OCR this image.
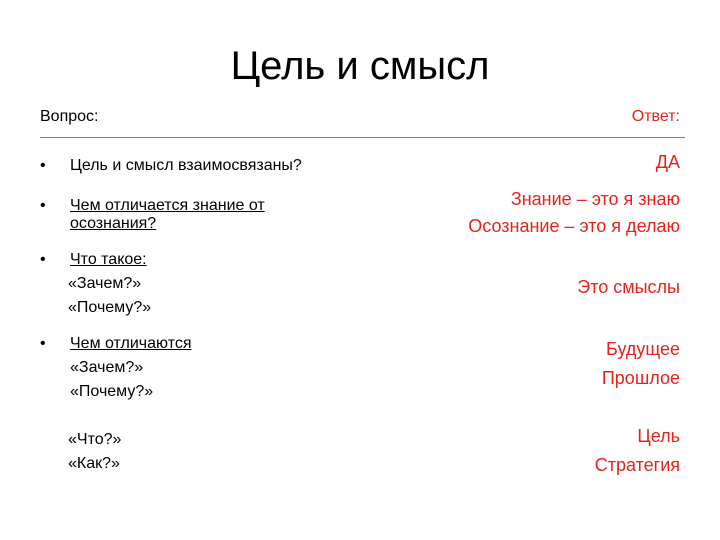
Цель и смысл
Вопрос:	Ответ:
• Цель и смысл взаимосвязаны?
• Чем отличается знание от
осознания?
• Что такое:
«Зачем?»
«Почему?»
• Чем отличаются
«Зачем?»
«Почему?»
«Что?»
«Как?»
ДА
Знание – это я знаю
Осознание – это я делаю
Это смыслы
Будущее
Прошлое
Цель
Стратегия
